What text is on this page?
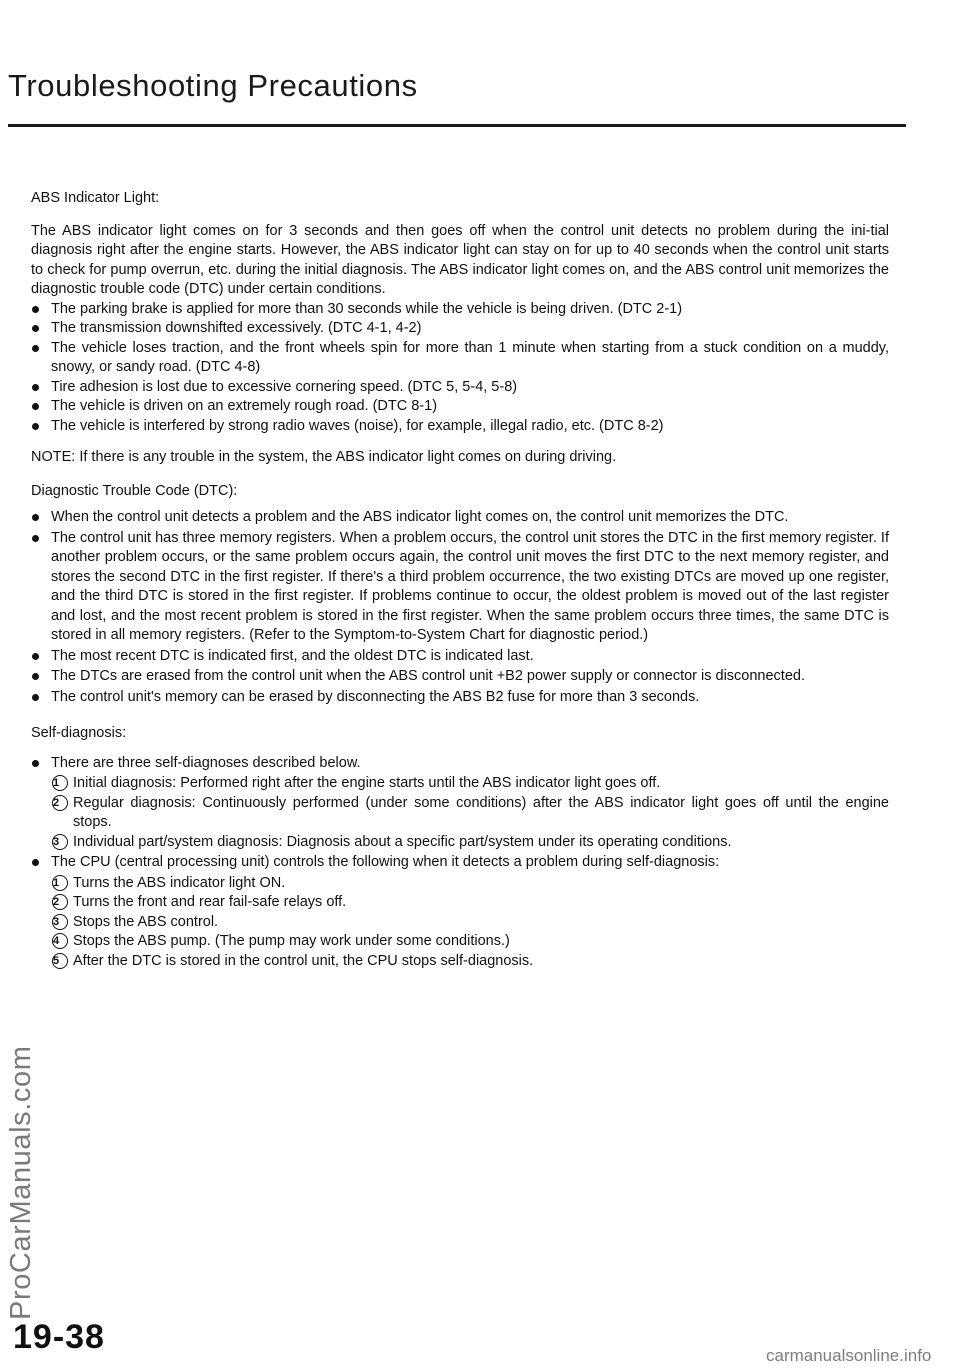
Troubleshooting Precautions
ABS Indicator Light:

The ABS indicator light comes on for 3 seconds and then goes off when the control unit detects no problem during the ini-tial diagnosis right after the engine starts. However, the ABS indicator light can stay on for up to 40 seconds when the control unit starts to check for pump overrun, etc. during the initial diagnosis. The ABS indicator light comes on, and the ABS control unit memorizes the diagnostic trouble code (DTC) under certain conditions.

The parking brake is applied for more than 30 seconds while the vehicle is being driven. (DTC 2-1)
The transmission downshifted excessively. (DTC 4-1, 4-2)
The vehicle loses traction, and the front wheels spin for more than 1 minute when starting from a stuck condition on a muddy, snowy, or sandy road. (DTC 4-8)
Tire adhesion is lost due to excessive cornering speed. (DTC 5, 5-4, 5-8)
The vehicle is driven on an extremely rough road. (DTC 8-1)
The vehicle is interfered by strong radio waves (noise), for example, illegal radio, etc. (DTC 8-2)

NOTE: If there is any trouble in the system, the ABS indicator light comes on during driving.

Diagnostic Trouble Code (DTC):
When the control unit detects a problem and the ABS indicator light comes on, the control unit memorizes the DTC.
The control unit has three memory registers. When a problem occurs, the control unit stores the DTC in the first memory register. If another problem occurs, or the same problem occurs again, the control unit moves the first DTC to the next memory register, and stores the second DTC in the first register. If there's a third problem occurrence, the two existing DTCs are moved up one register, and the third DTC is stored in the first register. If problems continue to occur, the oldest problem is moved out of the last register and lost, and the most recent problem is stored in the first register. When the same problem occurs three times, the same DTC is stored in all memory registers. (Refer to the Symptom-to-System Chart for diagnostic period.)
The most recent DTC is indicated first, and the oldest DTC is indicated last.
The DTCs are erased from the control unit when the ABS control unit +B2 power supply or connector is disconnected.
The control unit's memory can be erased by disconnecting the ABS B2 fuse for more than 3 seconds.
Self-diagnosis:
There are three self-diagnoses described below.
1 Initial diagnosis: Performed right after the engine starts until the ABS indicator light goes off.
2 Regular diagnosis: Continuously performed (under some conditions) after the ABS indicator light goes off until the engine stops.
3 Individual part/system diagnosis: Diagnosis about a specific part/system under its operating conditions.
The CPU (central processing unit) controls the following when it detects a problem during self-diagnosis:
1 Turns the ABS indicator light ON.
2 Turns the front and rear fail-safe relays off.
3 Stops the ABS control.
4 Stops the ABS pump. (The pump may work under some conditions.)
5 After the DTC is stored in the control unit, the CPU stops self-diagnosis.
ProCarManuals.com
19-38	carmanualsonline.info
